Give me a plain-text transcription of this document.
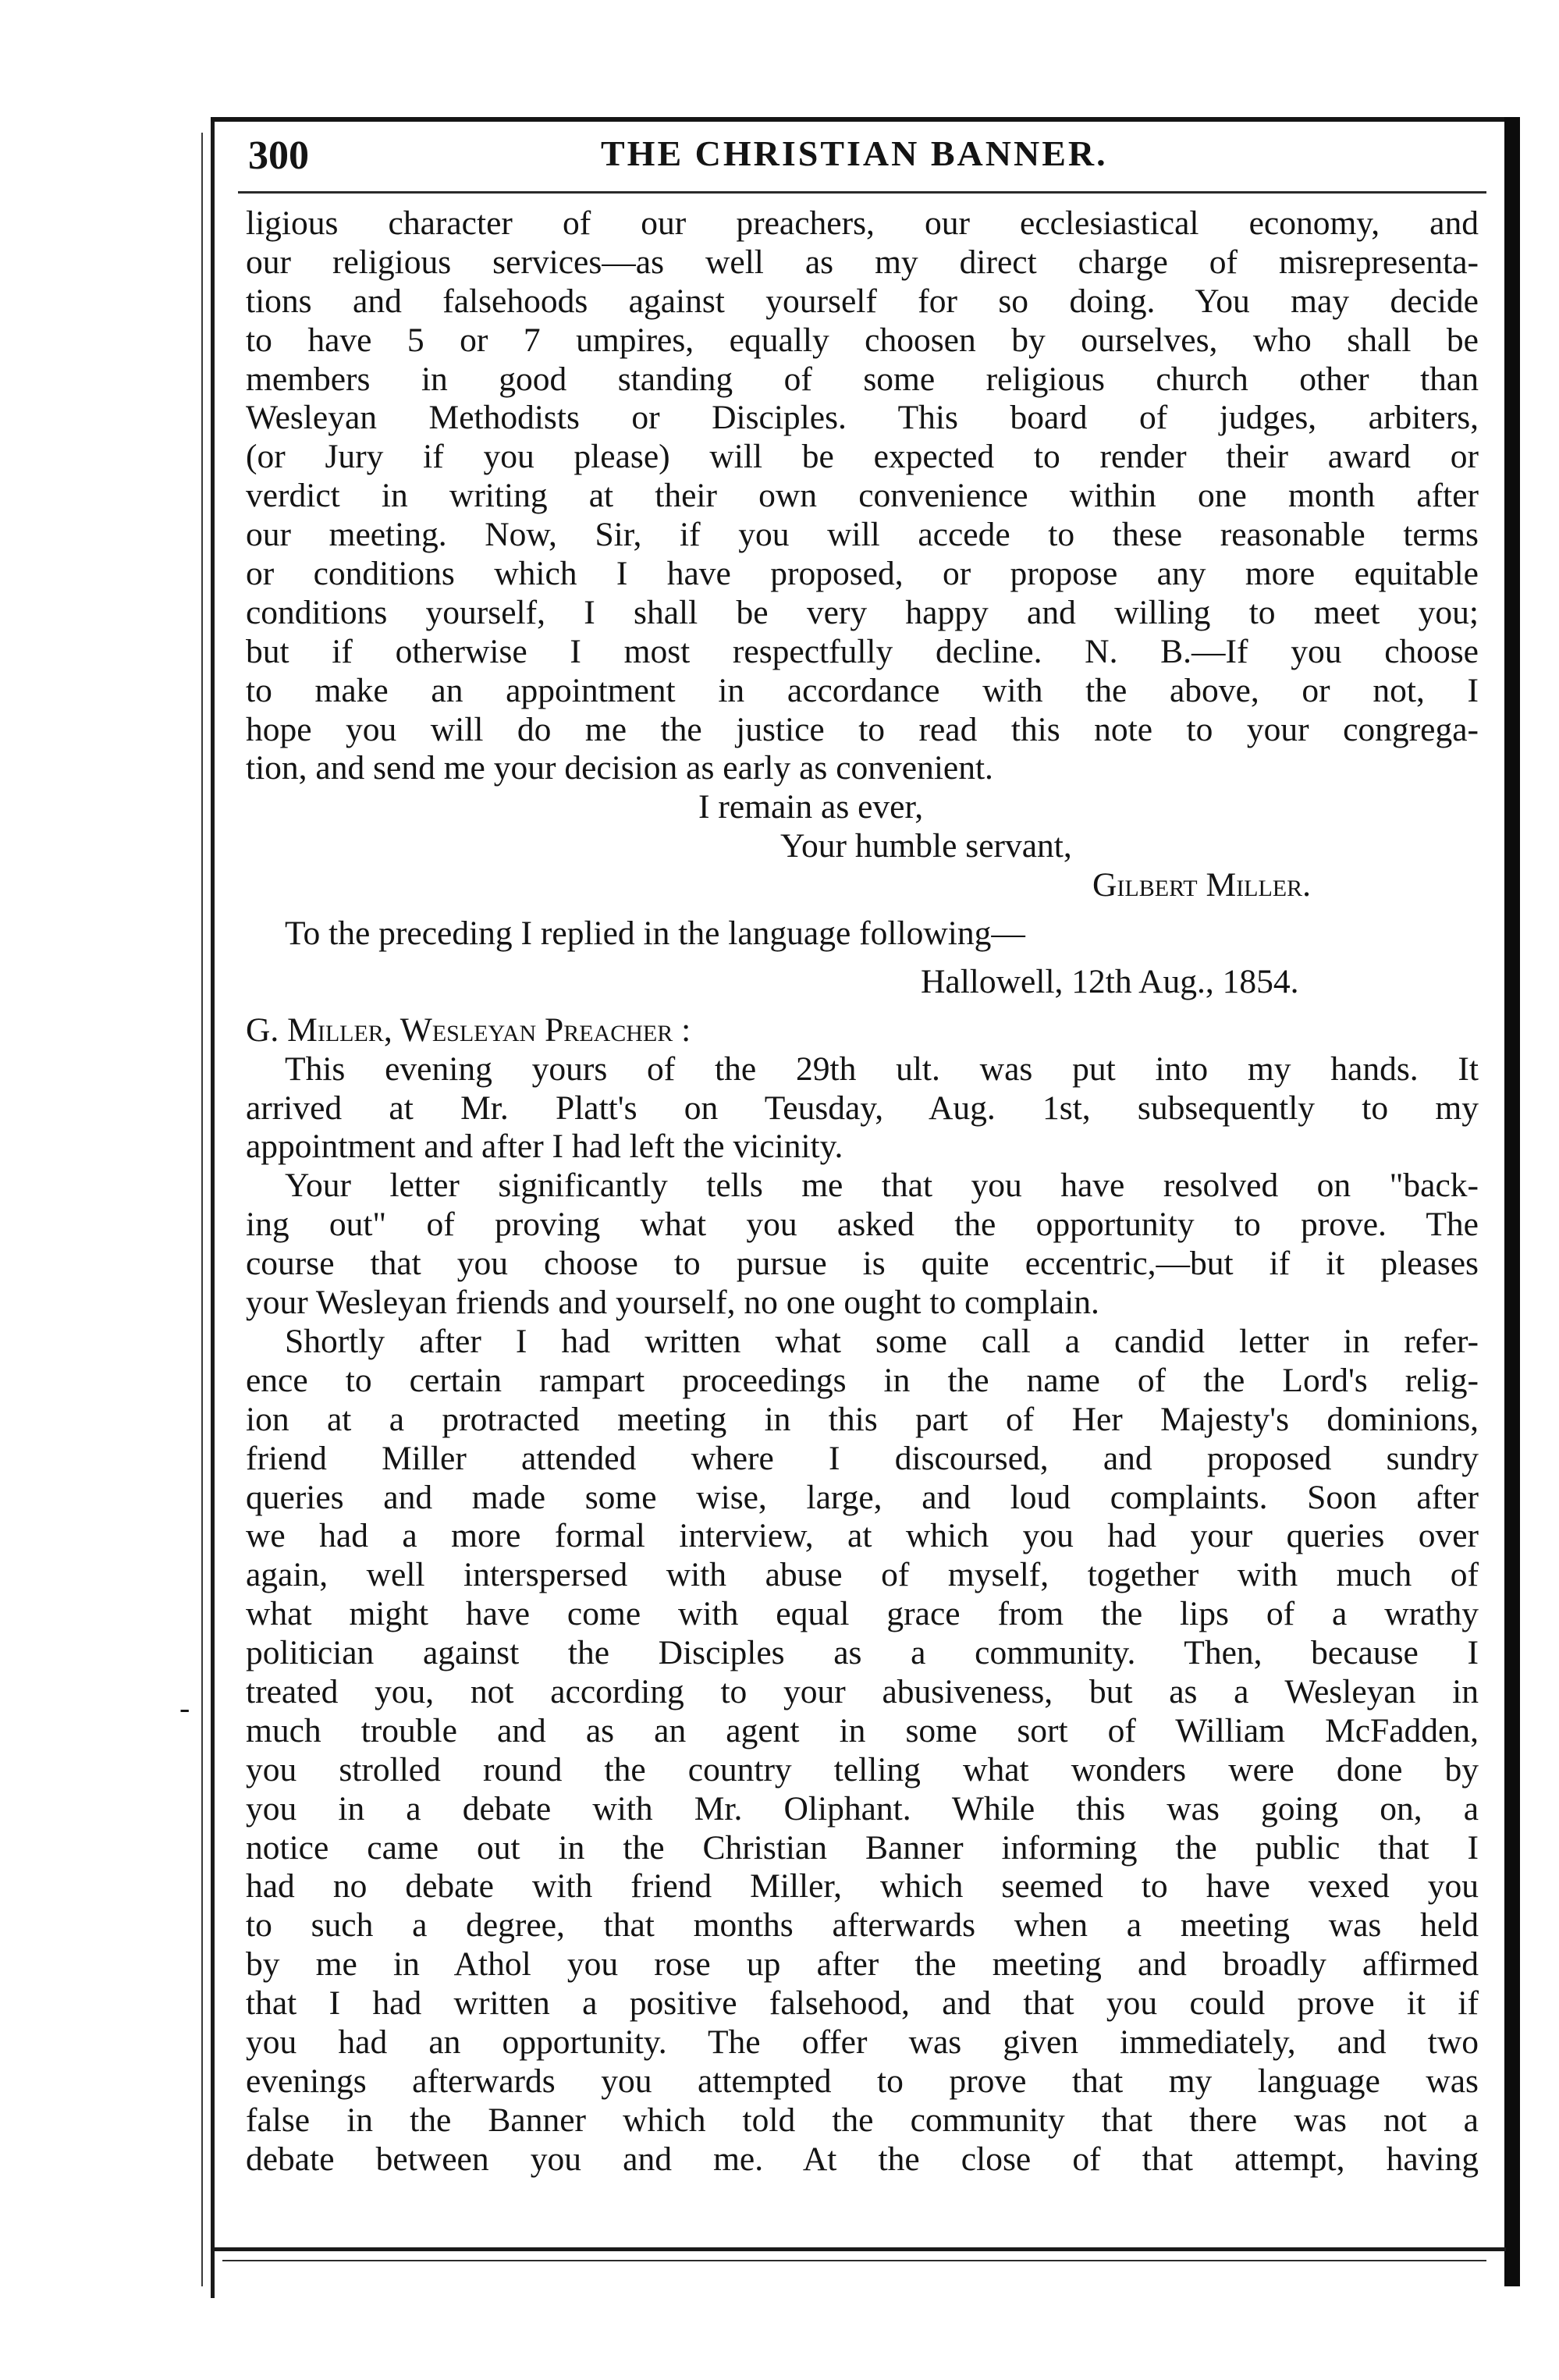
300	THE CHRISTIAN BANNER.
-
ligious character of our preachers, our ecclesiastical economy, and
our religious services—as well as my direct charge of misrepresenta-
tions and falsehoods against yourself for so doing. You may decide
to have 5 or 7 umpires, equally choosen by ourselves, who shall be
members in good standing of some religious church other than
Wesleyan Methodists or Disciples. This board of judges, arbiters,
(or Jury if you please) will be expected to render their award or
verdict in writing at their own convenience within one month after
our meeting. Now, Sir, if you will accede to these reasonable terms
or conditions which I have proposed, or propose any more equitable
conditions yourself, I shall be very happy and willing to meet you;
but if otherwise I most respectfully decline. N. B.—If you choose
to make an appointment in accordance with the above, or not, I
hope you will do me the justice to read this note to your congrega-
tion, and send me your decision as early as convenient.
I remain as ever,
Your humble servant,
Gilbert Miller.
To the preceding I replied in the language following—
Hallowell, 12th Aug., 1854.
G. Miller, Wesleyan Preacher :
This evening yours of the 29th ult. was put into my hands. It
arrived at Mr. Platt's on Teusday, Aug. 1st, subsequently to my
appointment and after I had left the vicinity.
Your letter significantly tells me that you have resolved on "back-
ing out" of proving what you asked the opportunity to prove. The
course that you choose to pursue is quite eccentric,—but if it pleases
your Wesleyan friends and yourself, no one ought to complain.
Shortly after I had written what some call a candid letter in refer-
ence to certain rampart proceedings in the name of the Lord's relig-
ion at a protracted meeting in this part of Her Majesty's dominions,
friend Miller attended where I discoursed, and proposed sundry
queries and made some wise, large, and loud complaints. Soon after
we had a more formal interview, at which you had your queries over
again, well interspersed with abuse of myself, together with much of
what might have come with equal grace from the lips of a wrathy
politician against the Disciples as a community. Then, because I
treated you, not according to your abusiveness, but as a Wesleyan in
much trouble and as an agent in some sort of William McFadden,
you strolled round the country telling what wonders were done by
you in a debate with Mr. Oliphant. While this was going on, a
notice came out in the Christian Banner informing the public that I
had no debate with friend Miller, which seemed to have vexed you
to such a degree, that months afterwards when a meeting was held
by me in Athol you rose up after the meeting and broadly affirmed
that I had written a positive falsehood, and that you could prove it if
you had an opportunity. The offer was given immediately, and two
evenings afterwards you attempted to prove that my language was
false in the Banner which told the community that there was not a
debate between you and me. At the close of that attempt, having
